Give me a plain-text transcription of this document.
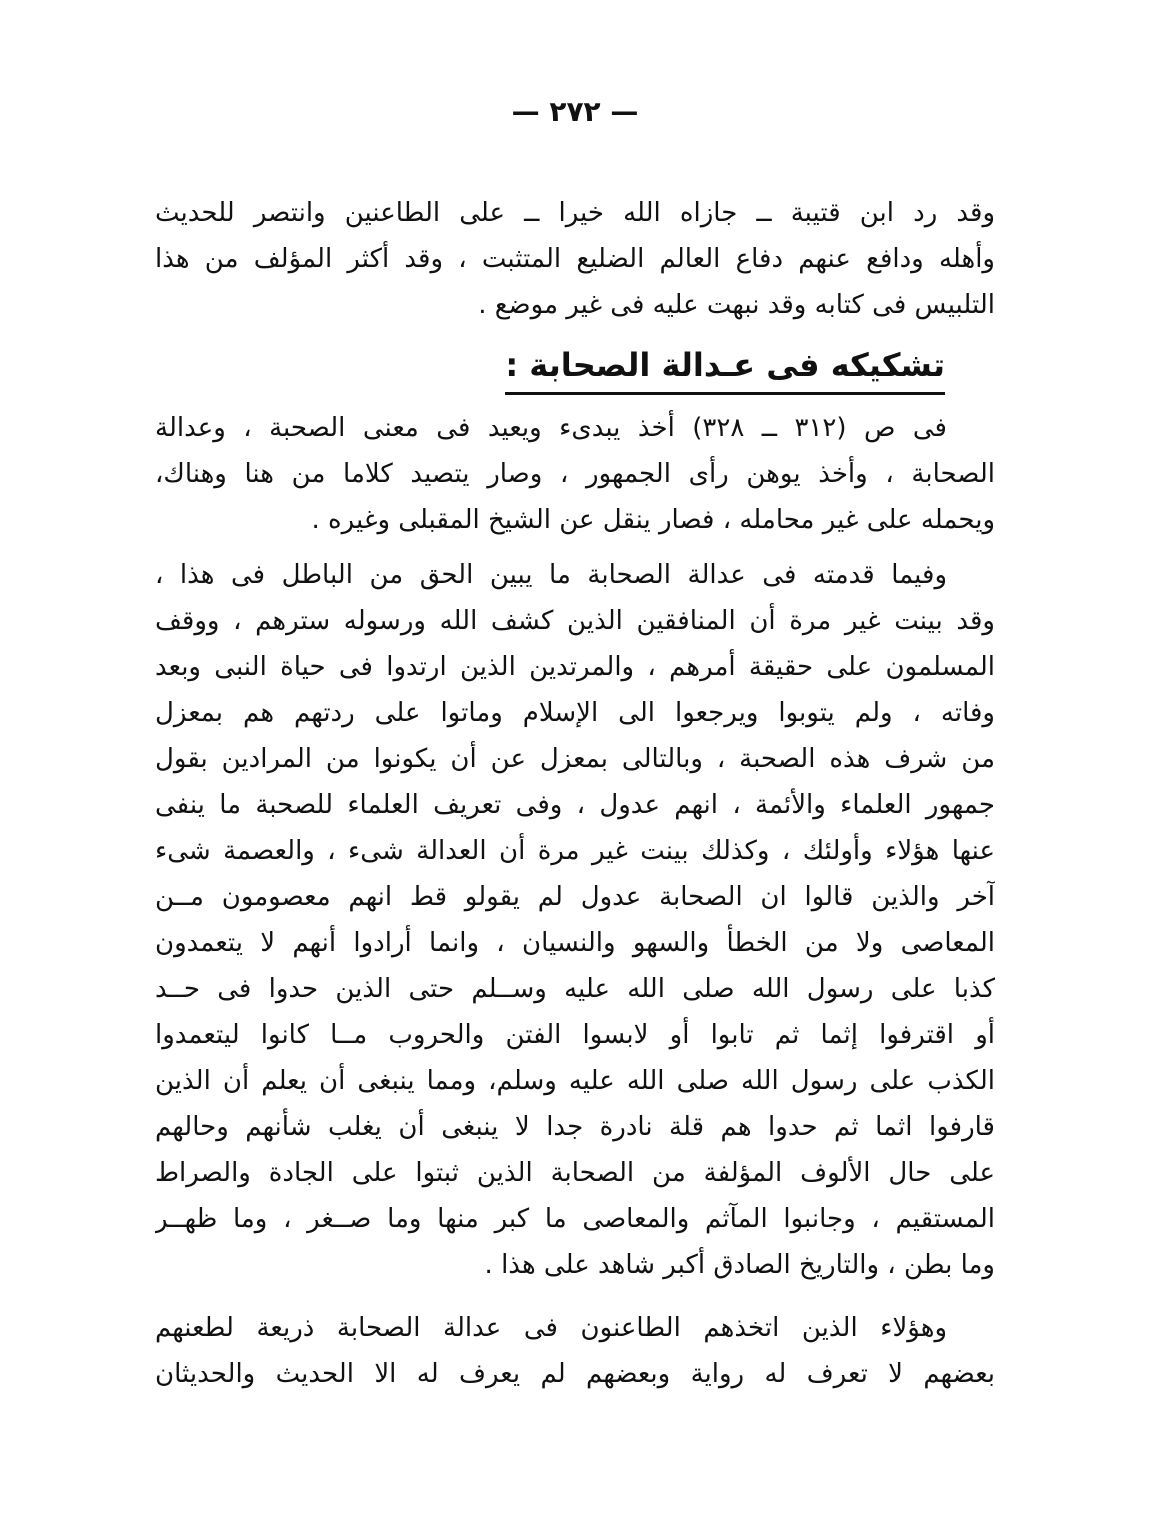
— ٢٧٢ —
وقد رد ابن قتيبة ــ جازاه الله خيرا ــ على الطاعنين وانتصر للحديث
وأهله ودافع عنهم دفاع العالم الضليع المتثبت ، وقد أكثر المؤلف من هذا
التلبيس فى كتابه وقد نبهت عليه فى غير موضع .
تشكيكه فى عـدالة الصحابة :
فى ص (٣١٢ ــ ٣٢٨) أخذ يبدىء ويعيد فى معنى الصحبة ، وعدالة
الصحابة ، وأخذ يوهن رأى الجمهور ، وصار يتصيد كلاما من هنا وهناك،
ويحمله على غير محامله ، فصار ينقل عن الشيخ المقبلى وغيره .
وفيما قدمته فى عدالة الصحابة ما يبين الحق من الباطل فى هذا ،
وقد بينت غير مرة أن المنافقين الذين كشف الله ورسوله سترهم ، ووقف
المسلمون على حقيقة أمرهم ، والمرتدين الذين ارتدوا فى حياة النبى وبعد
وفاته ، ولم يتوبوا ويرجعوا الى الإسلام وماتوا على ردتهم هم بمعزل
من شرف هذه الصحبة ، وبالتالى بمعزل عن أن يكونوا من المرادين بقول
جمهور العلماء والأئمة ، انهم عدول ، وفى تعريف العلماء للصحبة ما ينفى
عنها هؤلاء وأولئك ، وكذلك بينت غير مرة أن العدالة شىء ، والعصمة شىء
آخر والذين قالوا ان الصحابة عدول لم يقولو قط انهم معصومون مــن
المعاصى ولا من الخطأ والسهو والنسيان ، وانما أرادوا أنهم لا يتعمدون
كذبا على رسول الله صلى الله عليه وســلم حتى الذين حدوا فى حــد
أو اقترفوا إثما ثم تابوا أو لابسوا الفتن والحروب مــا كانوا ليتعمدوا
الكذب على رسول الله صلى الله عليه وسلم، ومما ينبغى أن يعلم أن الذين
قارفوا اثما ثم حدوا هم قلة نادرة جدا لا ينبغى أن يغلب شأنهم وحالهم
على حال الألوف المؤلفة من الصحابة الذين ثبتوا على الجادة والصراط
المستقيم ، وجانبوا المآثم والمعاصى ما كبر منها وما صــغر ، وما ظهــر
وما بطن ، والتاريخ الصادق أكبر شاهد على هذا .
وهؤلاء الذين اتخذهم الطاعنون فى عدالة الصحابة ذريعة لطعنهم
بعضهم لا تعرف له رواية وبعضهم لم يعرف له الا الحديث والحديثان
